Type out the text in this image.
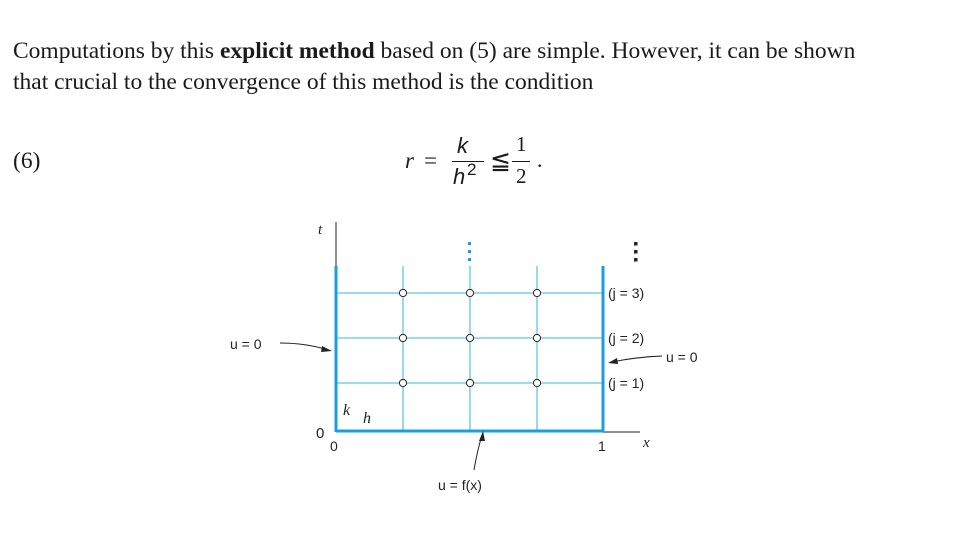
Computations by this explicit method based on (5) are simple. However, it can be shown
that crucial to the convergence of this method is the condition
(6)	r =
k
h 2 ≦
1
2
.
t
x
0
0	1
k h
u = 0
u = 0
u = f(x)
(j = 3)
(j = 2)
(j = 1)
